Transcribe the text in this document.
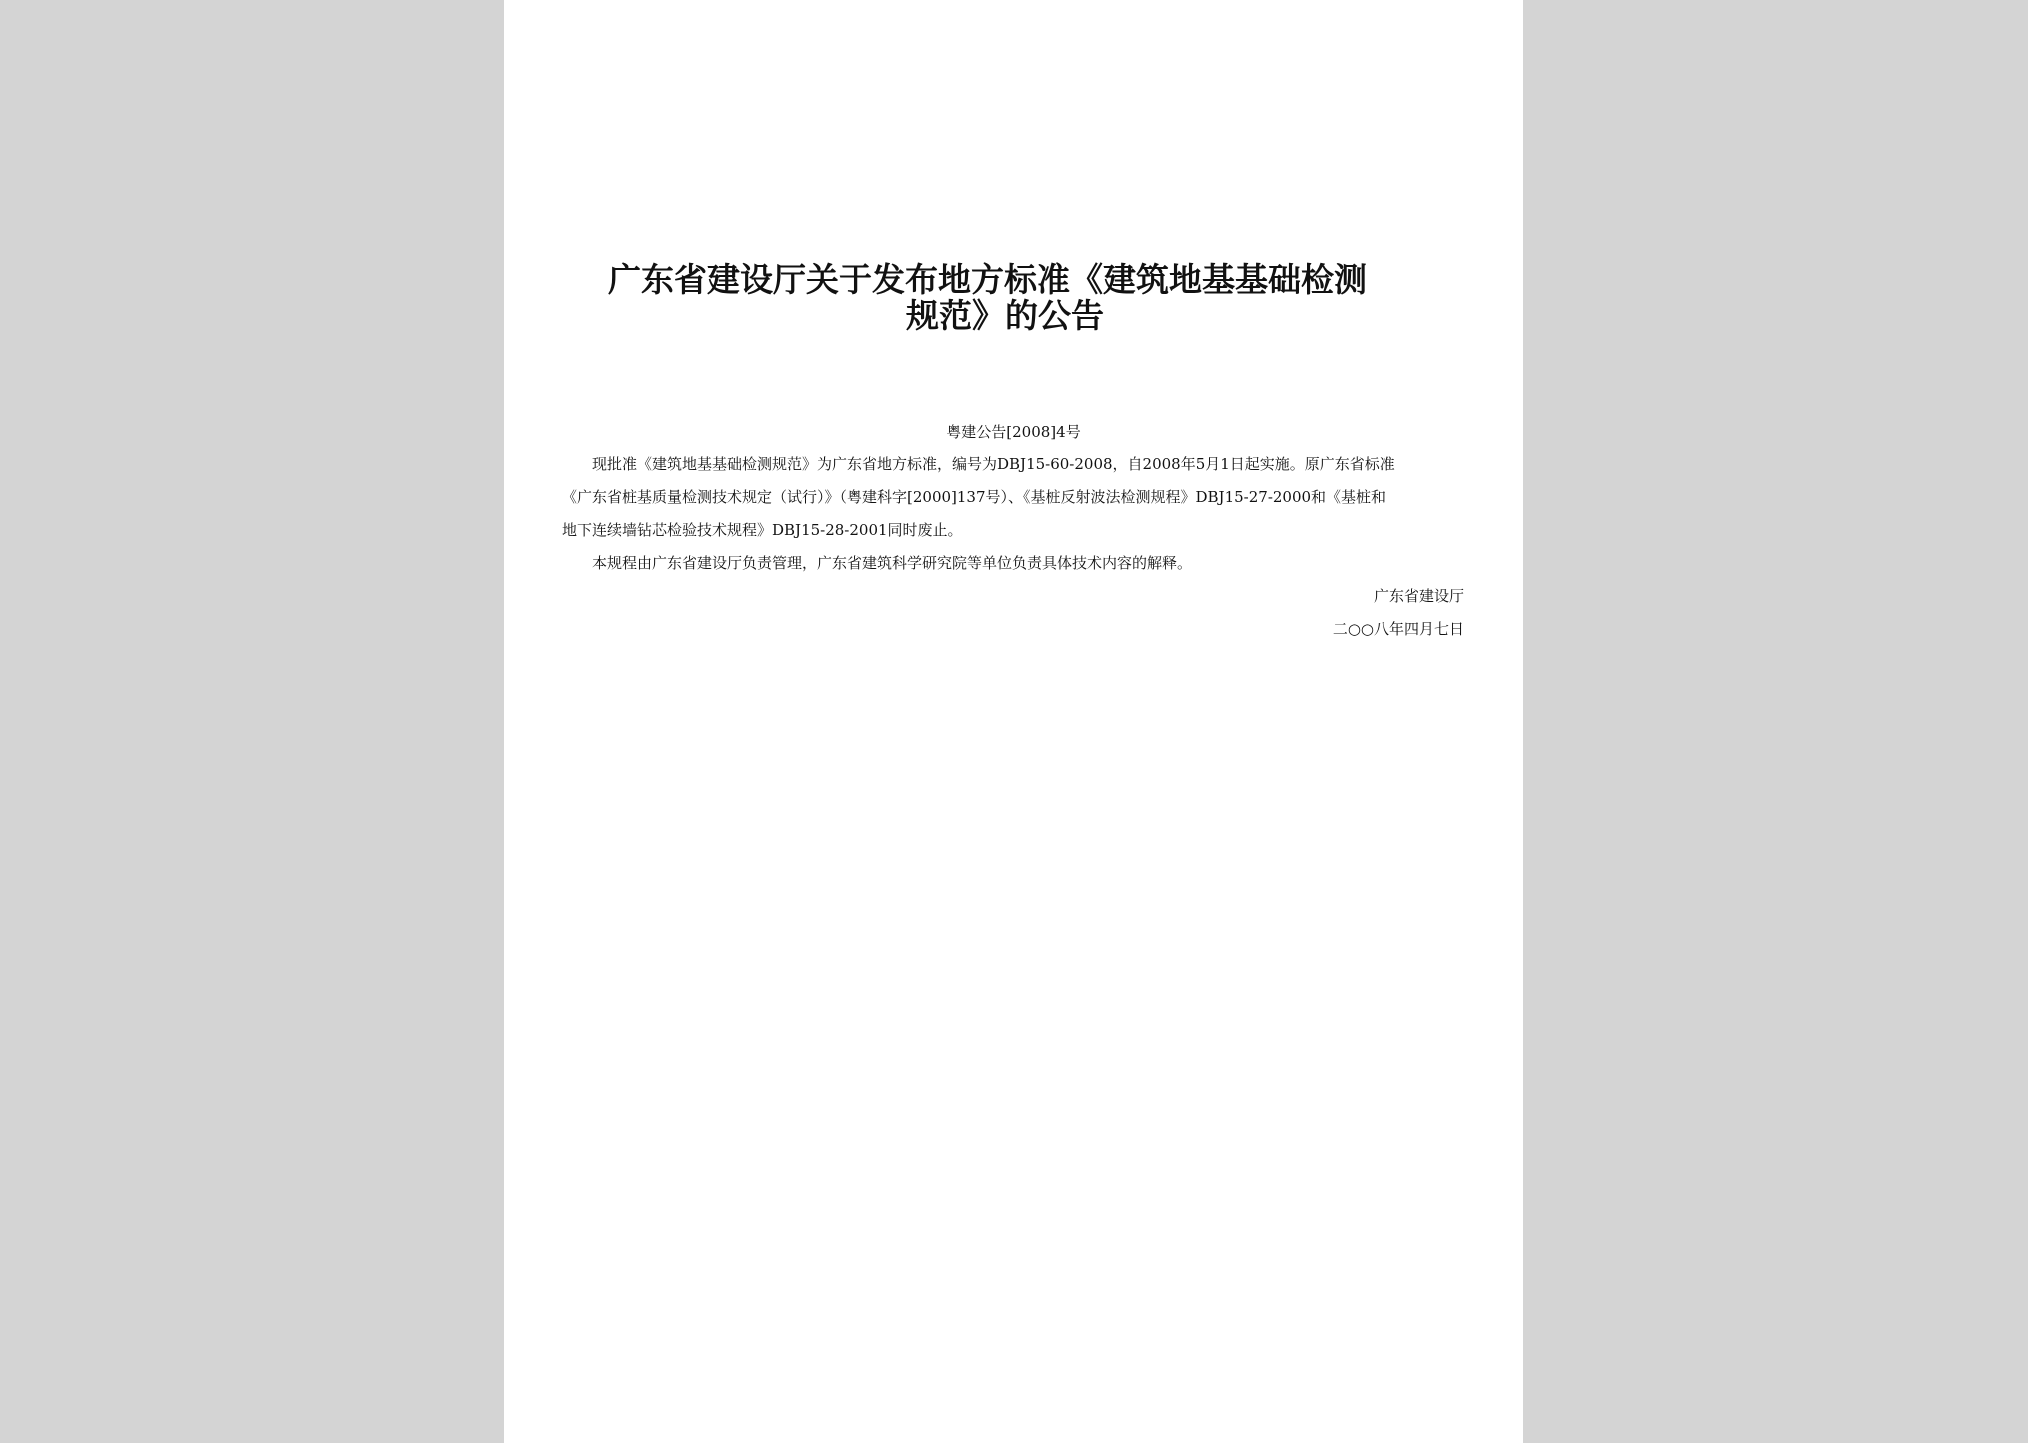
广东省建设厅关于发布地方标准《建筑地基基础检测
规范》的公告
粤建公告[2008]4号
现批准《建筑地基基础检测规范》为广东省地方标准，编号为DBJ15-60-2008，自2008年5月1日起实施。原广东省标准
《广东省桩基质量检测技术规定（试行）》（粤建科字[2000]137号）、《基桩反射波法检测规程》DBJ15-27-2000和《基桩和
地下连续墙钻芯检验技术规程》DBJ15-28-2001同时废止。
本规程由广东省建设厅负责管理，广东省建筑科学研究院等单位负责具体技术内容的解释。
广东省建设厅
二○○八年四月七日
